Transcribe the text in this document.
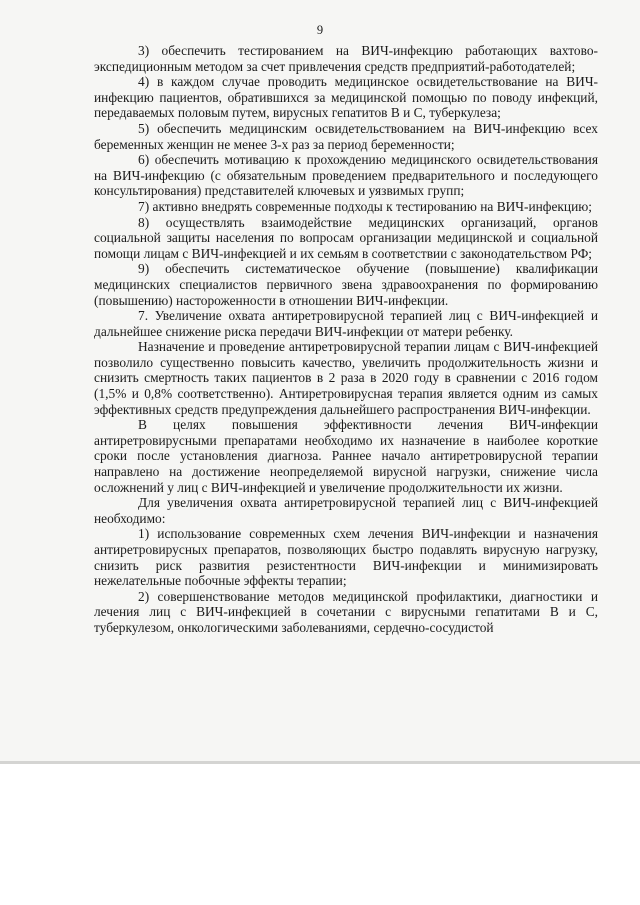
9

3) обеспечить тестированием на ВИЧ-инфекцию работающих вахтово-экспедиционным методом за счет привлечения средств предприятий-работодателей;

4) в каждом случае проводить медицинское освидетельствование на ВИЧ-инфекцию пациентов, обратившихся за медицинской помощью по поводу инфекций, передаваемых половым путем, вирусных гепатитов В и С, туберкулеза;

5) обеспечить медицинским освидетельствованием на ВИЧ-инфекцию всех беременных женщин не менее 3-х раз за период беременности;

6) обеспечить мотивацию к прохождению медицинского освидетельствования на ВИЧ-инфекцию (с обязательным проведением предварительного и последующего консультирования) представителей ключевых и уязвимых групп;

7) активно внедрять современные подходы к тестированию на ВИЧ-инфекцию;

8) осуществлять взаимодействие медицинских организаций, органов социальной защиты населения по вопросам организации медицинской и социальной помощи лицам с ВИЧ-инфекцией и их семьям в соответствии с законодательством РФ;

9) обеспечить систематическое обучение (повышение) квалификации медицинских специалистов первичного звена здравоохранения по формированию (повышению) настороженности в отношении ВИЧ-инфекции.

7. Увеличение охвата антиретровирусной терапией лиц с ВИЧ-инфекцией и дальнейшее снижение риска передачи ВИЧ-инфекции от матери ребенку.

Назначение и проведение антиретровирусной терапии лицам с ВИЧ-инфекцией позволило существенно повысить качество, увеличить продолжительность жизни и снизить смертность таких пациентов в 2 раза в 2020 году в сравнении с 2016 годом (1,5% и 0,8% соответственно). Антиретровирусная терапия является одним из самых эффективных средств предупреждения дальнейшего распространения ВИЧ-инфекции.

В целях повышения эффективности лечения ВИЧ-инфекции антиретровирусными препаратами необходимо их назначение в наиболее короткие сроки после установления диагноза. Раннее начало антиретровирусной терапии направлено на достижение неопределяемой вирусной нагрузки, снижение числа осложнений у лиц с ВИЧ-инфекцией и увеличение продолжительности их жизни.

Для увеличения охвата антиретровирусной терапией лиц с ВИЧ-инфекцией необходимо:

1) использование современных схем лечения ВИЧ-инфекции и назначения антиретровирусных препаратов, позволяющих быстро подавлять вирусную нагрузку, снизить риск развития резистентности ВИЧ-инфекции и минимизировать нежелательные побочные эффекты терапии;

2) совершенствование методов медицинской профилактики, диагностики и лечения лиц с ВИЧ-инфекцией в сочетании с вирусными гепатитами В и С, туберкулезом, онкологическими заболеваниями, сердечно-сосудистой
